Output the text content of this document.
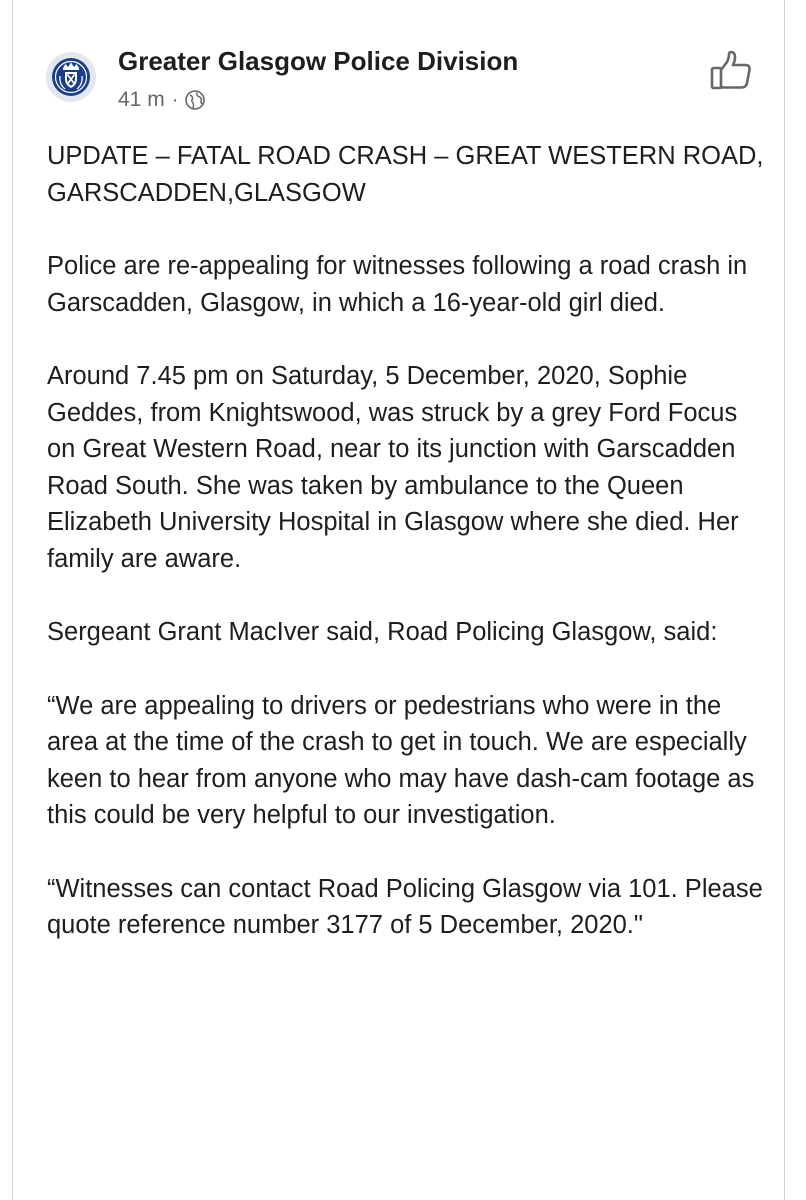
Greater Glasgow Police Division
41 m ·

UPDATE – FATAL ROAD CRASH – GREAT WESTERN ROAD, GARSCADDEN,GLASGOW

Police are re-appealing for witnesses following a road crash in Garscadden, Glasgow, in which a 16-year-old girl died.

Around 7.45 pm on Saturday, 5 December, 2020, Sophie Geddes, from Knightswood, was struck by a grey Ford Focus on Great Western Road, near to its junction with Garscadden Road South. She was taken by ambulance to the Queen Elizabeth University Hospital in Glasgow where she died. Her family are aware.

Sergeant Grant MacIver said, Road Policing Glasgow, said:

“We are appealing to drivers or pedestrians who were in the area at the time of the crash to get in touch. We are especially keen to hear from anyone who may have dash-cam footage as this could be very helpful to our investigation.

“Witnesses can contact Road Policing Glasgow via 101. Please quote reference number 3177 of 5 December, 2020."
